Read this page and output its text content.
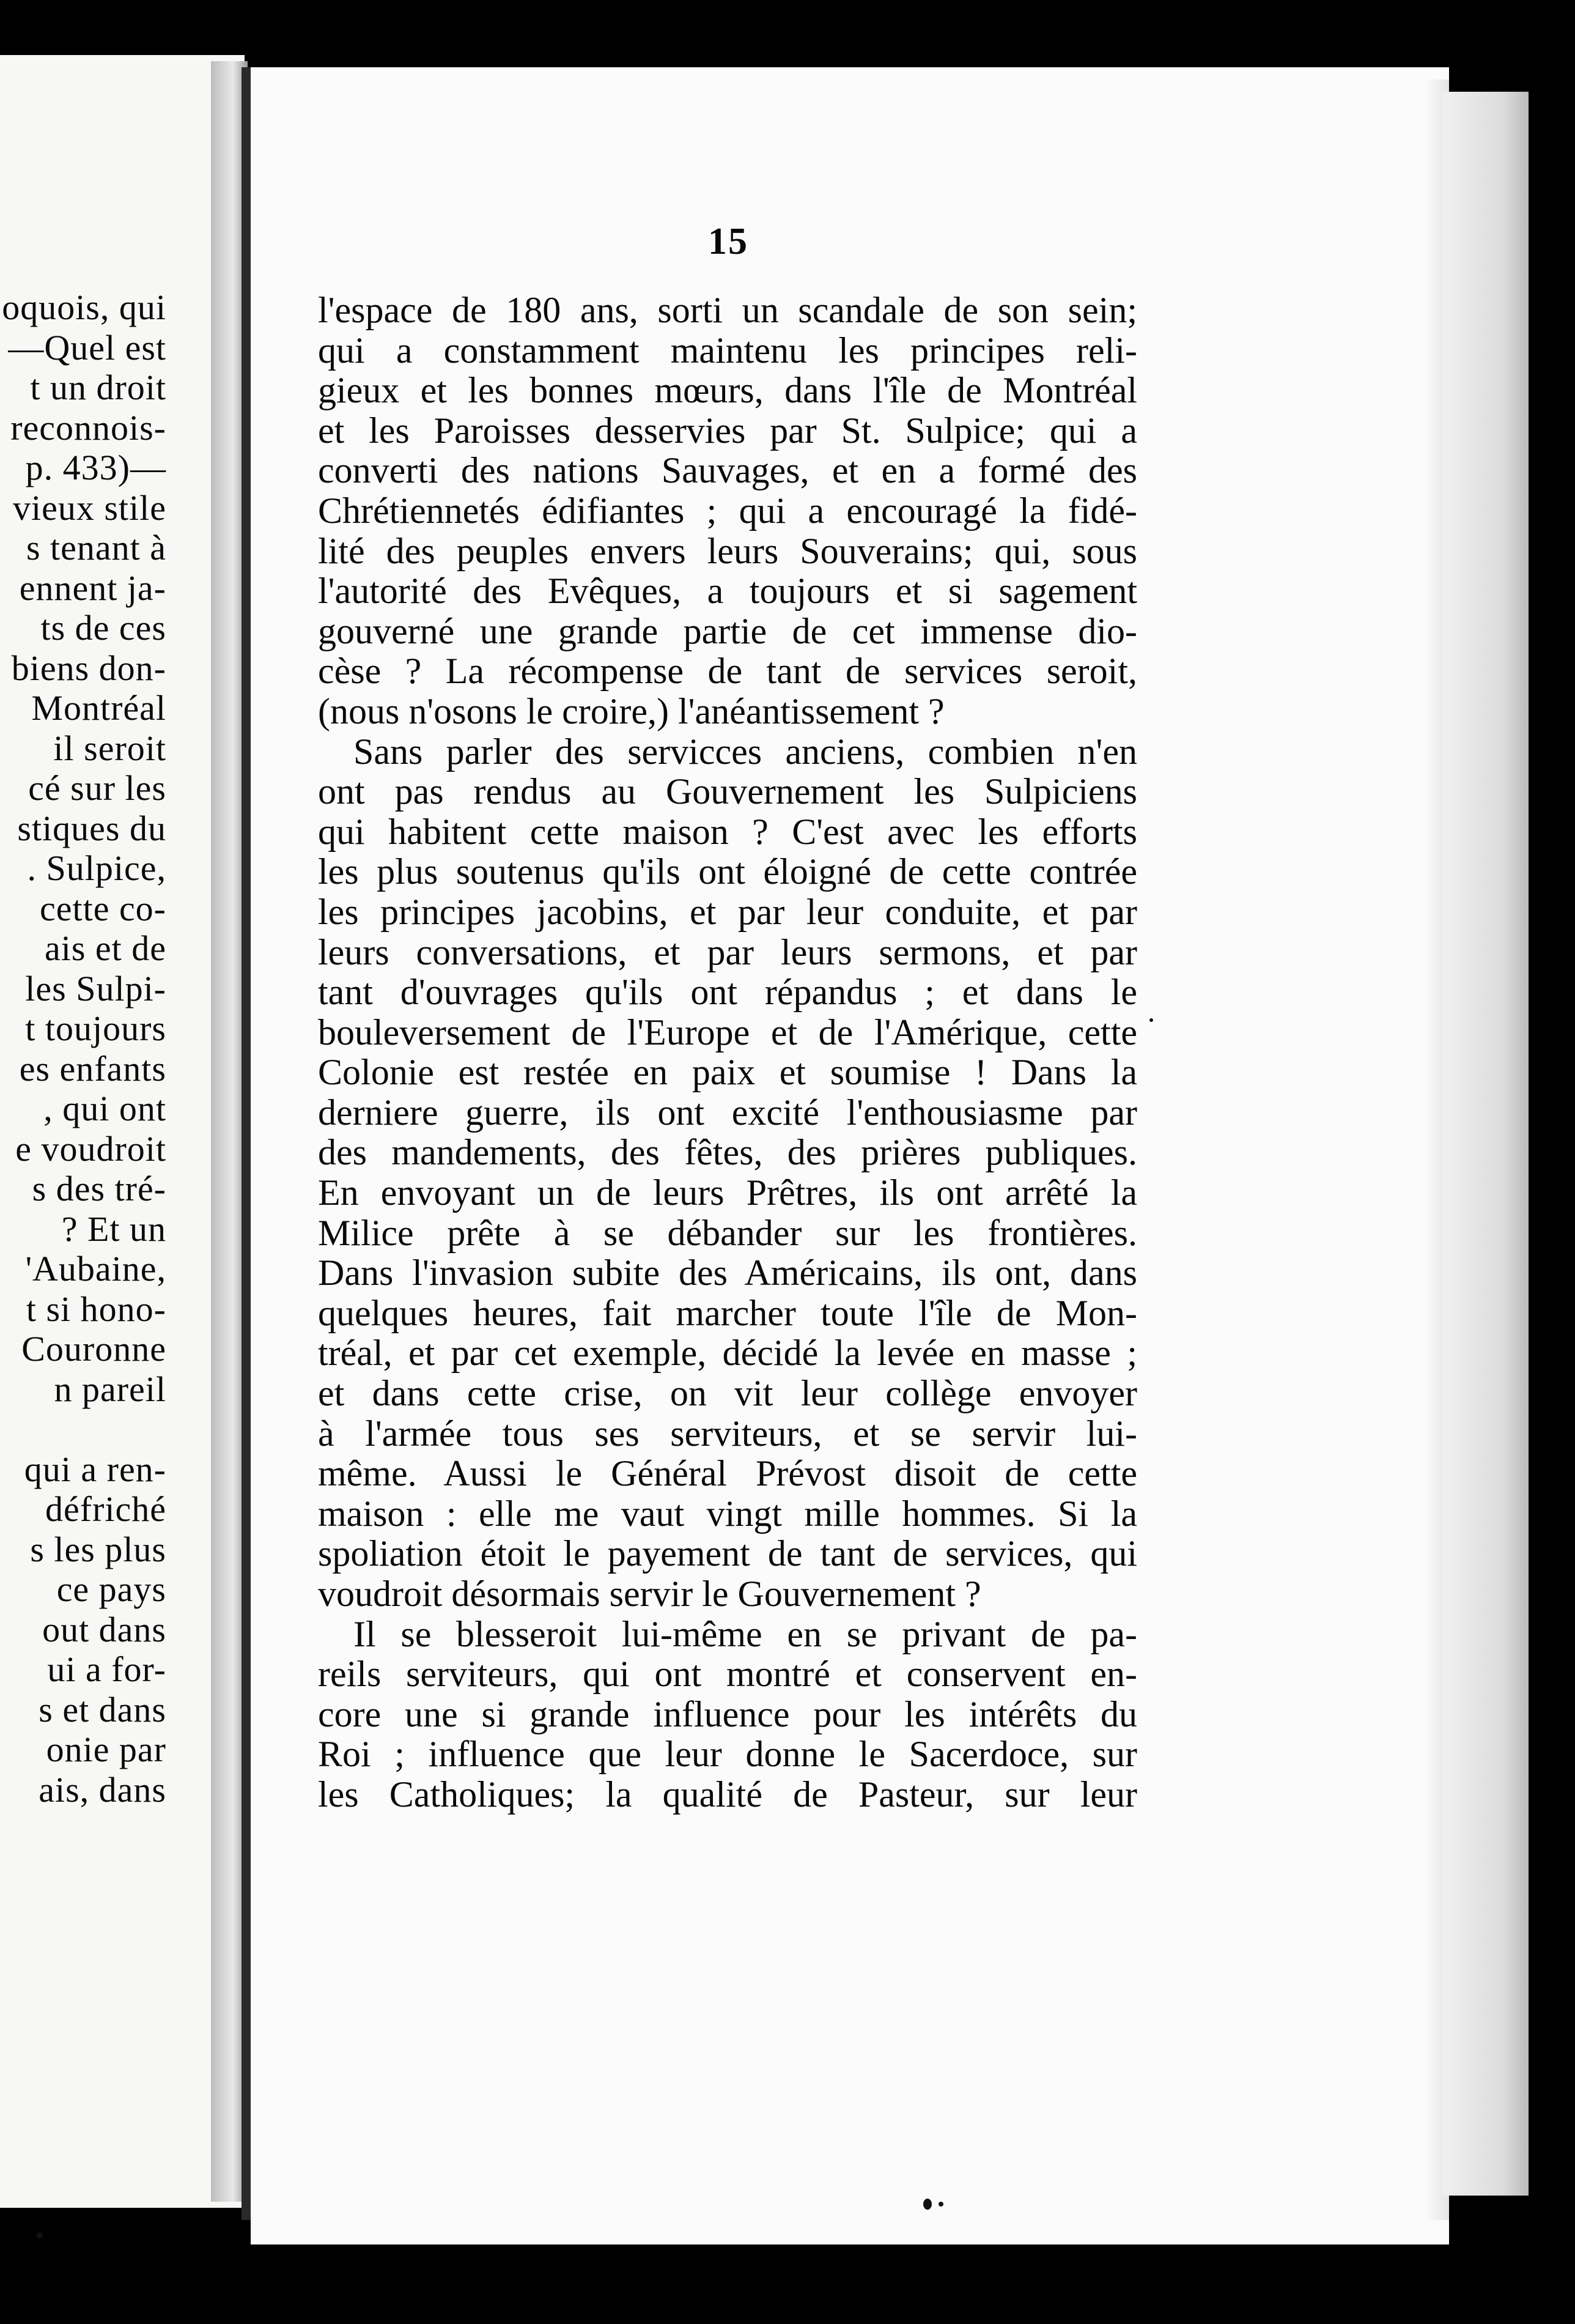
oquois, qui
—Quel est
t un droit
reconnois-
p. 433)—
vieux stile
s tenant à
ennent ja-
ts de ces
biens don-
Montréal
il seroit
cé sur les
stiques du
. Sulpice,
cette co-
ais et de
les Sulpi-
t toujours
es enfants
, qui ont
e voudroit
s des tré-
? Et un
'Aubaine,
t si hono-
Couronne
n pareil

qui a ren-
défriché
s les plus
ce pays
out dans
ui a for-
s et dans
onie par
ais, dans
15
l'espace de 180 ans, sorti un scandale de son sein;
qui a constamment maintenu les principes reli-
gieux et les bonnes mœurs, dans l'île de Montréal
et les Paroisses desservies par St. Sulpice; qui a
converti des nations Sauvages, et en a formé des
Chrétiennetés édifiantes ; qui a encouragé la fidé-
lité des peuples envers leurs Souverains; qui, sous
l'autorité des Evêques, a toujours et si sagement
gouverné une grande partie de cet immense dio-
cèse ? La récompense de tant de services seroit,
(nous n'osons le croire,) l'anéantissement ?
Sans parler des servicces anciens, combien n'en
ont pas rendus au Gouvernement les Sulpiciens
qui habitent cette maison ? C'est avec les efforts
les plus soutenus qu'ils ont éloigné de cette contrée
les principes jacobins, et par leur conduite, et par
leurs conversations, et par leurs sermons, et par
tant d'ouvrages qu'ils ont répandus ; et dans le
bouleversement de l'Europe et de l'Amérique, cette
Colonie est restée en paix et soumise ! Dans la
derniere guerre, ils ont excité l'enthousiasme par
des mandements, des fêtes, des prières publiques.
En envoyant un de leurs Prêtres, ils ont arrêté la
Milice prête à se débander sur les frontières.
Dans l'invasion subite des Américains, ils ont, dans
quelques heures, fait marcher toute l'île de Mon-
tréal, et par cet exemple, décidé la levée en masse ;
et dans cette crise, on vit leur collège envoyer
à l'armée tous ses serviteurs, et se servir lui-
même. Aussi le Général Prévost disoit de cette
maison : elle me vaut vingt mille hommes. Si la
spoliation étoit le payement de tant de services, qui
voudroit désormais servir le Gouvernement ?
Il se blesseroit lui-même en se privant de pa-
reils serviteurs, qui ont montré et conservent en-
core une si grande influence pour les intérêts du
Roi ; influence que leur donne le Sacerdoce, sur
les Catholiques; la qualité de Pasteur, sur leur
